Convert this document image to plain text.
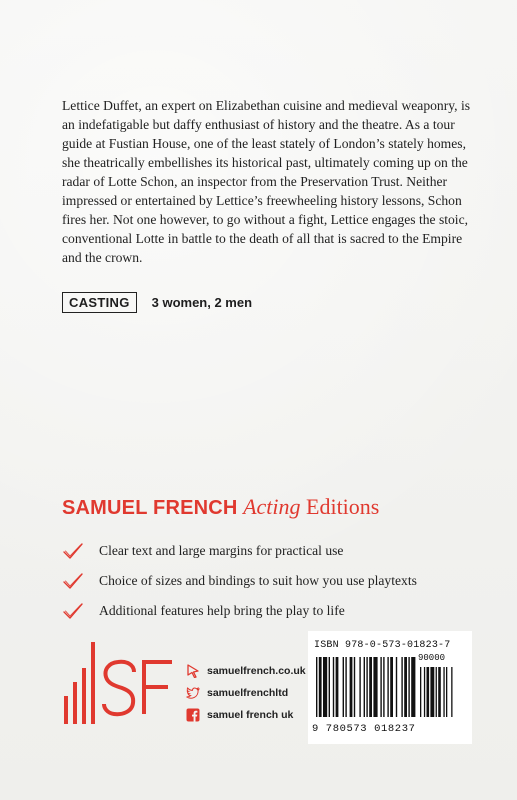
Lettice Duffet, an expert on Elizabethan cuisine and medieval weaponry, is an indefatigable but daffy enthusiast of history and the theatre. As a tour guide at Fustian House, one of the least stately of London’s stately homes, she theatrically embellishes its historical past, ultimately coming up on the radar of Lotte Schon, an inspector from the Preservation Trust. Neither impressed or entertained by Lettice’s freewheeling history lessons, Schon fires her. Not one however, to go without a fight, Lettice engages the stoic, conventional Lotte in battle to the death of all that is sacred to the Empire and the crown.

CASTING	3 women, 2 men
SAMUEL FRENCH Acting Editions
Clear text and large margins for practical use
Choice of sizes and bindings to suit how you use playtexts
Additional features help bring the play to life
samuelfrench.co.uk
samuelfrenchltd
samuel french uk
ISBN 978-0-573-01823-7
90000
9 780573 018237
